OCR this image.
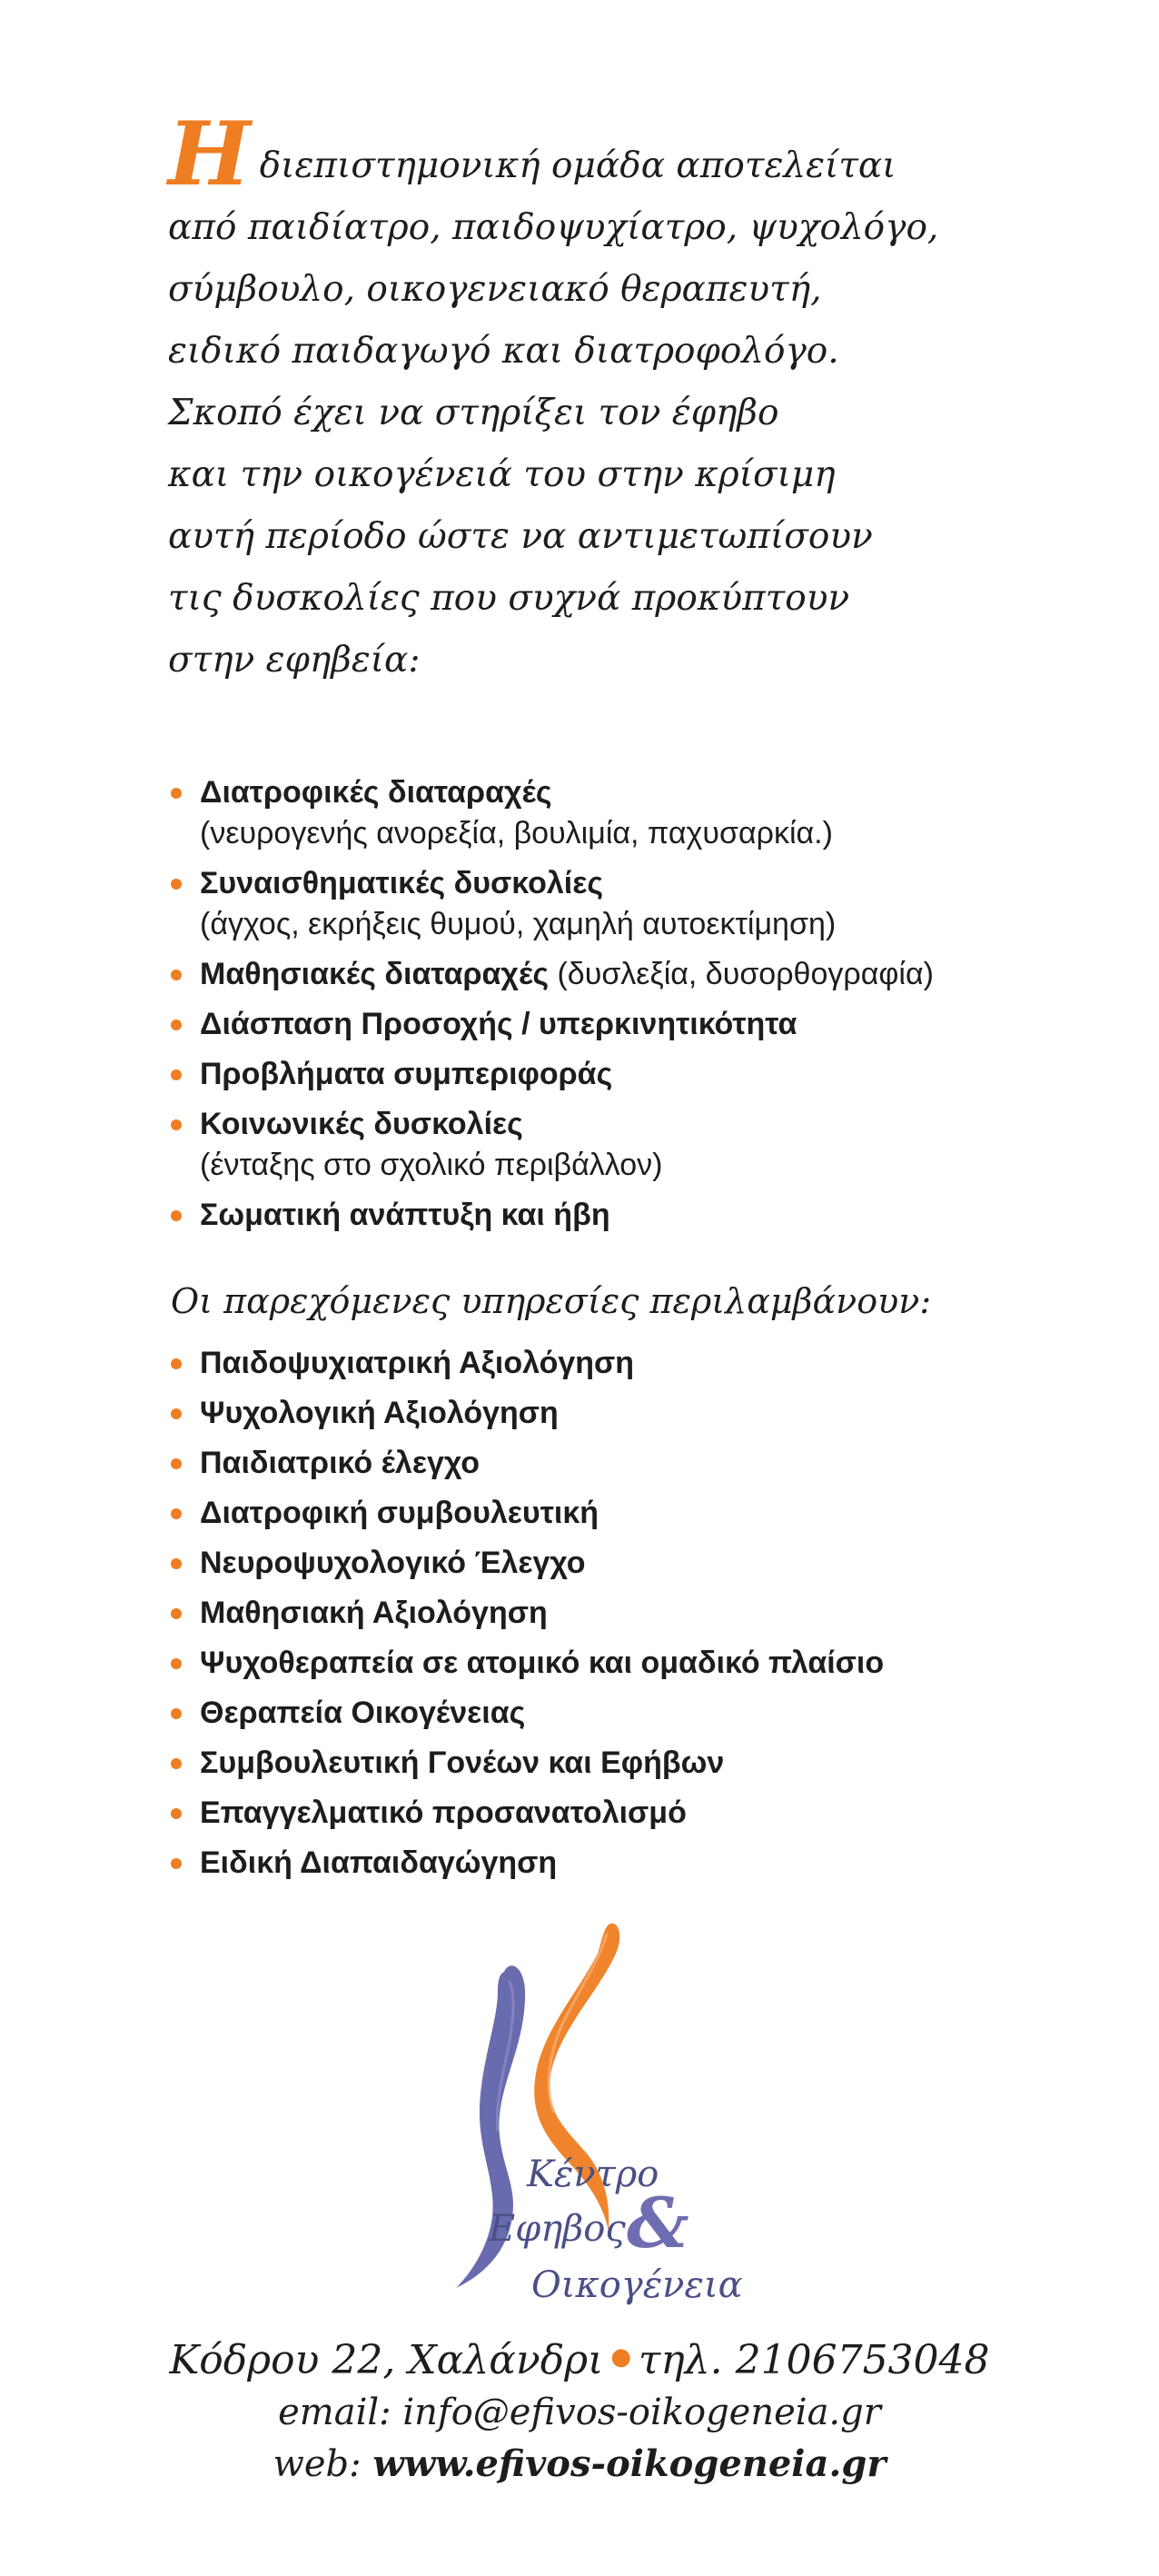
Ηδιεπιστημονική ομάδα αποτελείται
από παιδίατρο, παιδοψυχίατρο, ψυχολόγο,
σύμβουλο, οικογενειακό θεραπευτή,
ειδικό παιδαγωγό και διατροφολόγο.
Σκοπό έχει να στηρίξει τον έφηβο
και την οικογένειά του στην κρίσιμη
αυτή περίοδο ώστε να αντιμετωπίσουν
τις δυσκολίες που συχνά προκύπτουν
στην εφηβεία:
Διατροφικές διαταραχές
(νευρογενής ανορεξία, βουλιμία, παχυσαρκία.)
Συναισθηματικές δυσκολίες
(άγχος, εκρήξεις θυμού, χαμηλή αυτοεκτίμηση)
Μαθησιακές διαταραχές (δυσλεξία, δυσορθογραφία)
Διάσπαση Προσοχής / υπερκινητικότητα
Προβλήματα συμπεριφοράς
Κοινωνικές δυσκολίες
(ένταξης στο σχολικό περιβάλλον)
Σωματική ανάπτυξη και ήβη
Οι παρεχόμενες υπηρεσίες περιλαμβάνουν:
Παιδοψυχιατρική Αξιολόγηση
Ψυχολογική Αξιολόγηση
Παιδιατρικό έλεγχο
Διατροφική συμβουλευτική
Νευροψυχολογικό Έλεγχο
Μαθησιακή Αξιολόγηση
Ψυχοθεραπεία σε ατομικό και ομαδικό πλαίσιο
Θεραπεία Οικογένειας
Συμβουλευτική Γονέων και Εφήβων
Επαγγελματικό προσανατολισμό
Ειδική Διαπαιδαγώγηση
Κέντρο
Εφηβος &
Οικογένεια
Κόδρου 22, Χαλάνδρι ● τηλ. 2106753048
email: info@efivos-oikogeneia.gr
web: www.efivos-oikogeneia.gr
